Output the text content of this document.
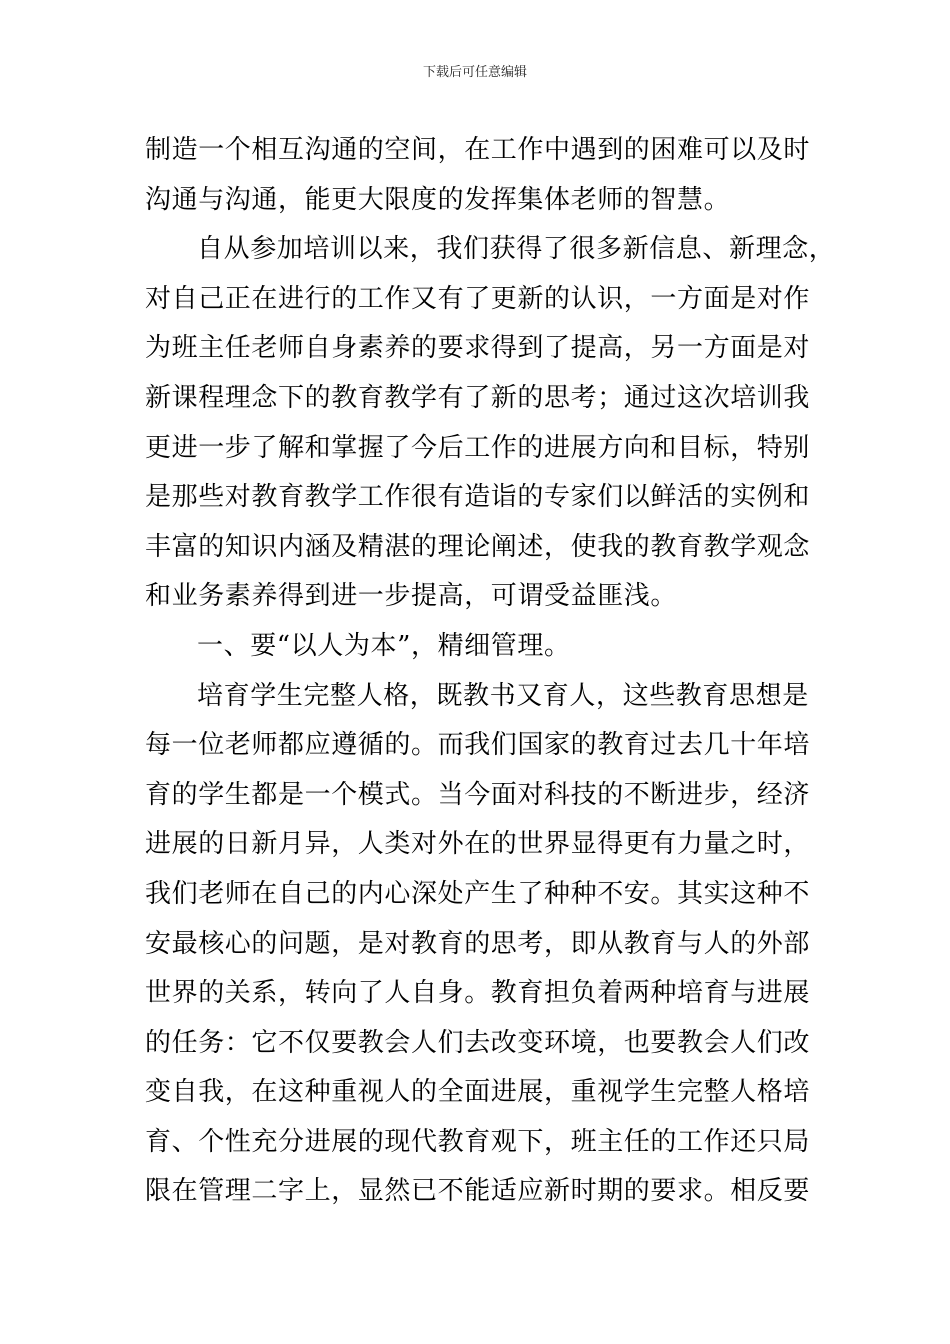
下载后可任意编辑
制造一个相互沟通的空间，在工作中遇到的困难可以及时
沟通与沟通，能更大限度的发挥集体老师的智慧。
自从参加培训以来，我们获得了很多新信息、新理念，
对自己正在进行的工作又有了更新的认识，一方面是对作
为班主任老师自身素养的要求得到了提高，另一方面是对
新课程理念下的教育教学有了新的思考；通过这次培训我
更进一步了解和掌握了今后工作的进展方向和目标，特别
是那些对教育教学工作很有造诣的专家们以鲜活的实例和
丰富的知识内涵及精湛的理论阐述，使我的教育教学观念
和业务素养得到进一步提高，可谓受益匪浅。
一、要“以人为本”，精细管理。
培育学生完整人格，既教书又育人，这些教育思想是
每一位老师都应遵循的。而我们国家的教育过去几十年培
育的学生都是一个模式。当今面对科技的不断进步，经济
进展的日新月异，人类对外在的世界显得更有力量之时，
我们老师在自己的内心深处产生了种种不安。其实这种不
安最核心的问题，是对教育的思考，即从教育与人的外部
世界的关系，转向了人自身。教育担负着两种培育与进展
的任务：它不仅要教会人们去改变环境，也要教会人们改
变自我，在这种重视人的全面进展，重视学生完整人格培
育、个性充分进展的现代教育观下，班主任的工作还只局
限在管理二字上，显然已不能适应新时期的要求。相反要
